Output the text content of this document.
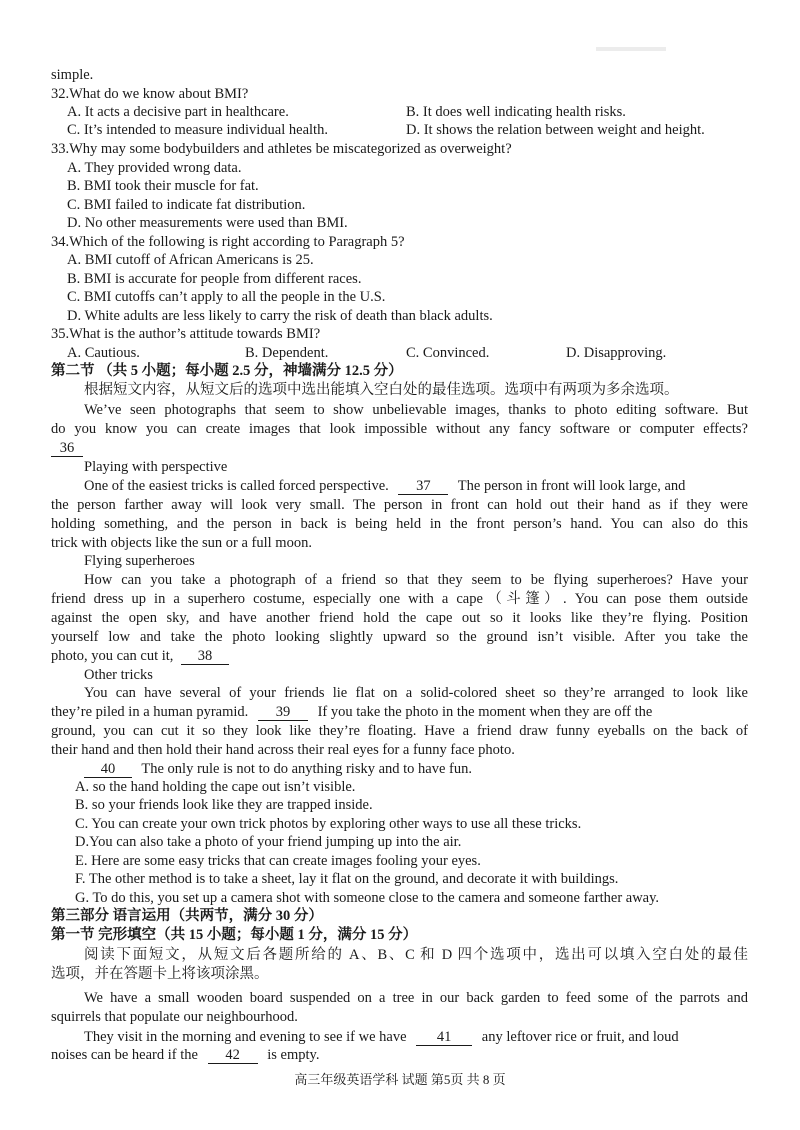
simple.
32.What do we know about BMI?
A. It acts a decisive part in healthcare.	B. It does well indicating health risks.
C. It’s intended to measure individual health.	D. It shows the relation between weight and height.
33.Why may some bodybuilders and athletes be miscategorized as overweight?
A. They provided wrong data.
B. BMI took their muscle for fat.
C. BMI failed to indicate fat distribution.
D. No other measurements were used than BMI.
34.Which of the following is right according to Paragraph 5?
A. BMI cutoff of African Americans is 25.
B. BMI is accurate for people from different races.
C. BMI cutoffs can’t apply to all the people in the U.S.
D. White adults are less likely to carry the risk of death than black adults.
35.What is the author’s attitude towards BMI?
A. Cautious.	B. Dependent.	C. Convinced.	D. Disapproving.
第二节 （共 5 小题；每小题 2.5 分，神墙满分 12.5 分）
根据短文内容，从短文后的选项中选出能填入空白处的最佳选项。选项中有两项为多余选项。
We’ve seen photographs that seem to show unbelievable images, thanks to photo editing software. But
do you know you can create images that look impossible without any fancy software or computer effects?
36
Playing with perspective
One of the easiest tricks is called forced perspective. 37 The person in front will look large, and
the person farther away will look very small. The person in front can hold out their hand as if they were
holding something, and the person in back is being held in the front person’s hand. You can also do this
trick with objects like the sun or a full moon.
Flying superheroes
How can you take a photograph of a friend so that they seem to be flying superheroes? Have your
friend dress up in a superhero costume, especially one with a cape（斗篷）. You can pose them outside
against the open sky, and have another friend hold the cape out so it looks like they’re flying. Position
yourself low and take the photo looking slightly upward so the ground isn’t visible. After you take the
photo, you can cut it, 38
Other tricks
You can have several of your friends lie flat on a solid-colored sheet so they’re arranged to look like
they’re piled in a human pyramid. 39 If you take the photo in the moment when they are off the
ground, you can cut it so they look like they’re floating. Have a friend draw funny eyeballs on the back of
their hand and then hold their hand across their real eyes for a funny face photo.
40 The only rule is not to do anything risky and to have fun.
A. so the hand holding the cape out isn’t visible.
B. so your friends look like they are trapped inside.
C. You can create your own trick photos by exploring other ways to use all these tricks.
D.You can also take a photo of your friend jumping up into the air.
E. Here are some easy tricks that can create images fooling your eyes.
F. The other method is to take a sheet, lay it flat on the ground, and decorate it with buildings.
G. To do this, you set up a camera shot with someone close to the camera and someone farther away.
第三部分 语言运用（共两节，满分 30 分）
第一节 完形填空（共 15 小题；每小题 1 分，满分 15 分）
阅读下面短文，从短文后各题所给的 A、B、C 和 D 四个选项中，选出可以填入空白处的最佳
选项，并在答题卡上将该项涂黑。
We have a small wooden board suspended on a tree in our back garden to feed some of the parrots and
squirrels that populate our neighbourhood.
They visit in the morning and evening to see if we have 41 any leftover rice or fruit, and loud
noises can be heard if the 42 is empty.
高三年级英语学科 试题 第5页 共 8 页
